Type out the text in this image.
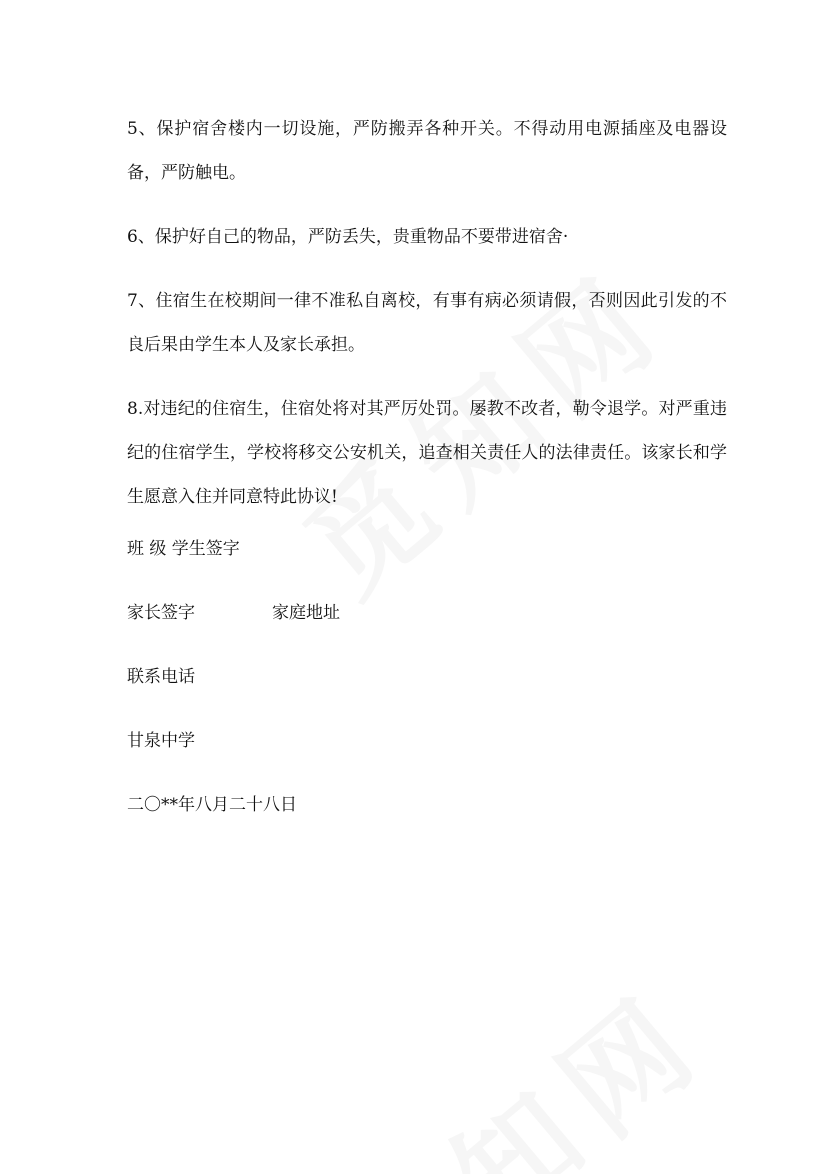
5、保护宿舍楼内一切设施，严防搬弄各种开关。不得动用电源插座及电器设备，严防触电。

6、保护好自己的物品，严防丢失，贵重物品不要带进宿舍·

7、住宿生在校期间一律不准私自离校，有事有病必须请假，否则因此引发的不良后果由学生本人及家长承担。

8.对违纪的住宿生，住宿处将对其严厉处罚。屡教不改者，勒令退学。对严重违纪的住宿学生，学校将移交公安机关，追查相关责任人的法律责任。该家长和学生愿意入住并同意特此协议!

班 级 学生签字
家长签字	家庭地址
联系电话
甘泉中学
二〇**年八月二十八日
